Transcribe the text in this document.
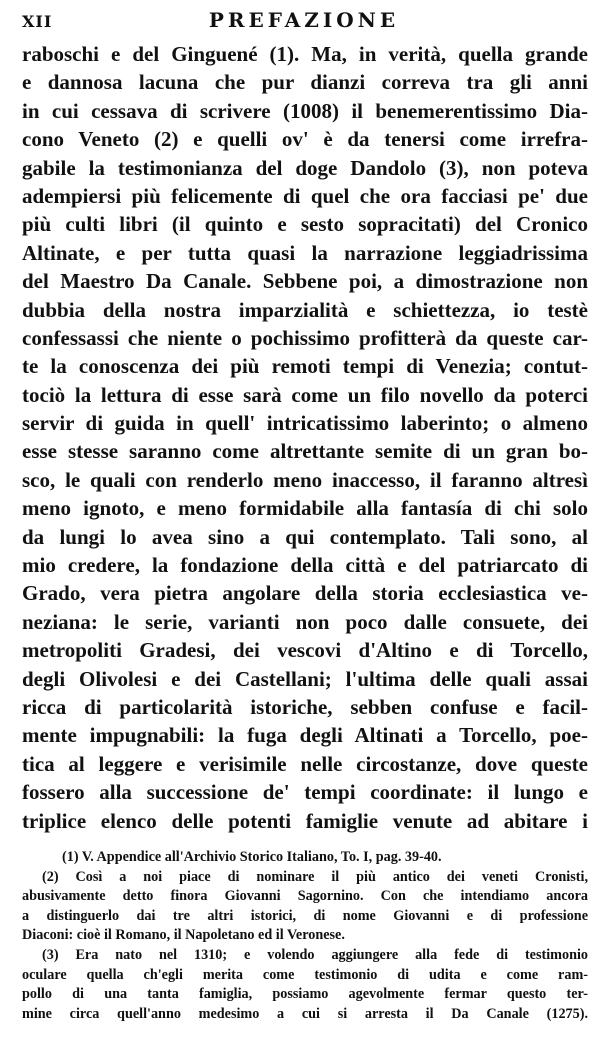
XII	PREFAZIONE
raboschi e del Ginguené (1). Ma, in verità, quella grande
e dannosa lacuna che pur dianzi correva tra gli anni
in cui cessava di scrivere (1008) il benemerentissimo Dia-
cono Veneto (2) e quelli ov' è da tenersi come irrefra-
gabile la testimonianza del doge Dandolo (3), non poteva
adempiersi più felicemente di quel che ora facciasi pe' due
più culti libri (il quinto e sesto sopracitati) del Cronico
Altinate, e per tutta quasi la narrazione leggiadrissima
del Maestro Da Canale. Sebbene poi, a dimostrazione non
dubbia della nostra imparzialità e schiettezza, io testè
confessassi che niente o pochissimo profitterà da queste car-
te la conoscenza dei più remoti tempi di Venezia; contut-
tociò la lettura di esse sarà come un filo novello da poterci
servir di guida in quell' intricatissimo laberinto; o almeno
esse stesse saranno come altrettante semite di un gran bo-
sco, le quali con renderlo meno inaccesso, il faranno altresì
meno ignoto, e meno formidabile alla fantasía di chi solo
da lungi lo avea sino a qui contemplato. Tali sono, al
mio credere, la fondazione della città e del patriarcato di
Grado, vera pietra angolare della storia ecclesiastica ve-
neziana: le serie, varianti non poco dalle consuete, dei
metropoliti Gradesi, dei vescovi d'Altino e di Torcello,
degli Olivolesi e dei Castellani; l'ultima delle quali assai
ricca di particolarità istoriche, sebben confuse e facil-
mente impugnabili: la fuga degli Altinati a Torcello, poe-
tica al leggere e verisimile nelle circostanze, dove queste
fossero alla successione de' tempi coordinate: il lungo e
triplice elenco delle potenti famiglie venute ad abitare i
(1) V. Appendice all'Archivio Storico Italiano, To. I, pag. 39-40.
(2) Così a noi piace di nominare il più antico dei veneti Cronisti,
abusivamente detto finora Giovanni Sagornino. Con che intendiamo ancora
a distinguerlo dai tre altri istorici, di nome Giovanni e di professione
Diaconi: cioè il Romano, il Napoletano ed il Veronese.
(3) Era nato nel 1310; e volendo aggiungere alla fede di testimonio
oculare quella ch'egli merita come testimonio di udita e come ram-
pollo di una tanta famiglia, possiamo agevolmente fermar questo ter-
mine circa quell'anno medesimo a cui si arresta il Da Canale (1275).
